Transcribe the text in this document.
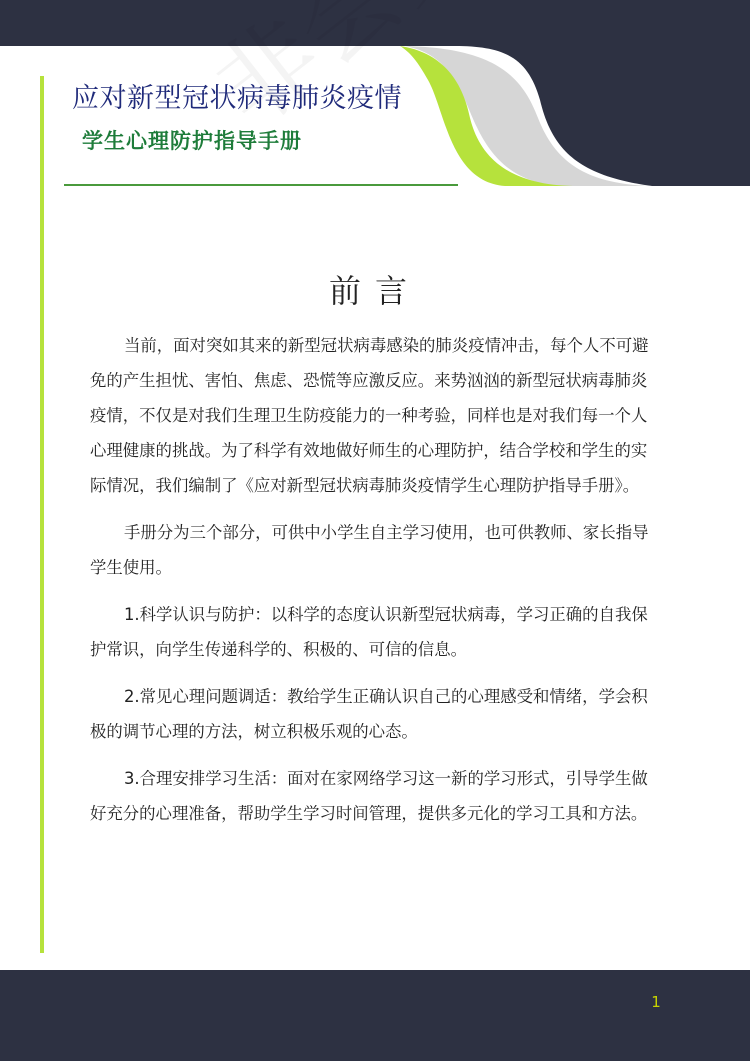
应对新型冠状病毒肺炎疫情
学生心理防护指导手册
前言

当前，面对突如其来的新型冠状病毒感染的肺炎疫情冲击，每个人不可避免的产生担忧、害怕、焦虑、恐慌等应激反应。来势汹汹的新型冠状病毒肺炎疫情，不仅是对我们生理卫生防疫能力的一种考验，同样也是对我们每一个人心理健康的挑战。为了科学有效地做好师生的心理防护，结合学校和学生的实际情况，我们编制了《应对新型冠状病毒肺炎疫情学生心理防护指导手册》。

手册分为三个部分，可供中小学生自主学习使用，也可供教师、家长指导学生使用。

1.科学认识与防护：以科学的态度认识新型冠状病毒，学习正确的自我保护常识，向学生传递科学的、积极的、可信的信息。

2.常见心理问题调适：教给学生正确认识自己的心理感受和情绪，学会积极的调节心理的方法，树立积极乐观的心态。

3.合理安排学习生活：面对在家网络学习这一新的学习形式，引导学生做好充分的心理准备，帮助学生学习时间管理，提供多元化的学习工具和方法。

1
